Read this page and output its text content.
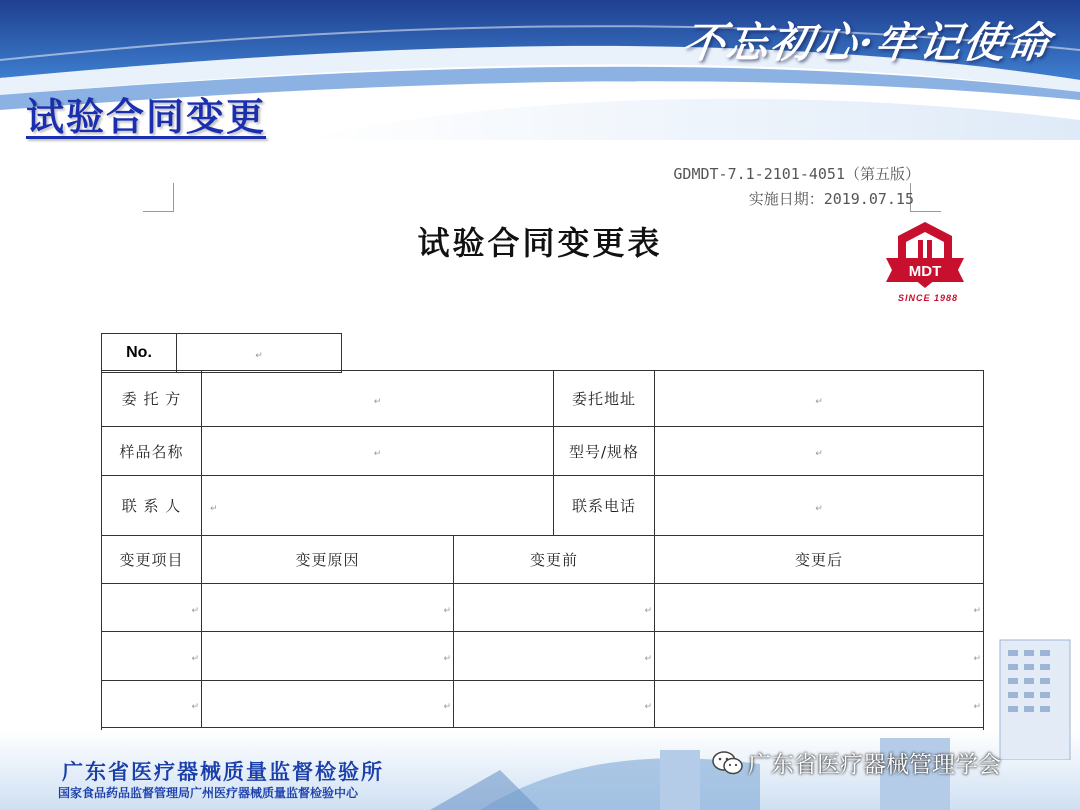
不忘初心·牢记使命
试验合同变更
GDMDT-7.1-2101-4051（第五版）
实施日期：2019.07.15
试验合同变更表
MDT
SINCE 1988
No.	↵
委 托 方	↵		委托地址	↵
样品名称	↵		型号/规格	↵
联 系 人	↵		联系电话	↵
变更项目	变更原因	变更前		变更后
↵	↵	↵		↵
↵	↵	↵		↵
↵	↵	↵		↵

广东省医疗器械质量监督检验所
国家食品药品监督管理局广州医疗器械质量监督检验中心
广东省医疗器械管理学会
